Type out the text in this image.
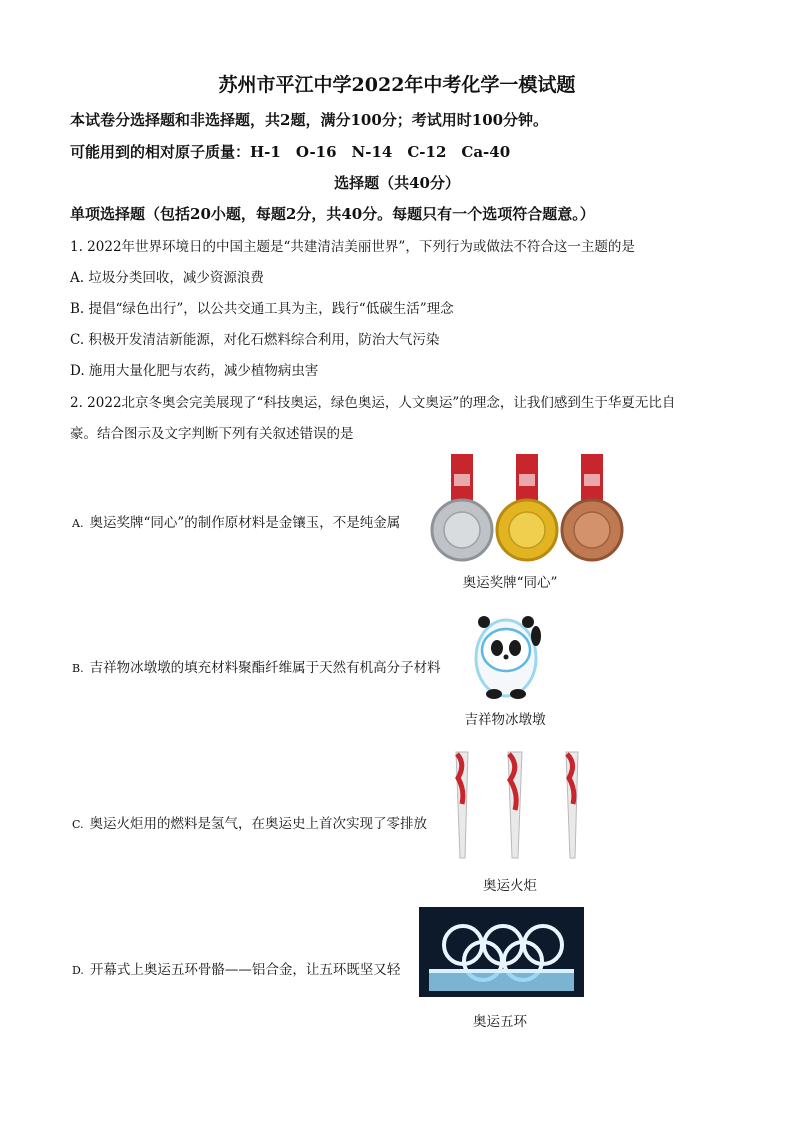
苏州市平江中学2022年中考化学一模试题
本试卷分选择题和非选择题，共2题，满分100分；考试用时100分钟。
可能用到的相对原子质量：H-1　O-16　N-14　C-12　Ca-40
选择题（共40分）
单项选择题（包括20小题，每题2分，共40分。每题只有一个选项符合题意。）
1. 2022年世界环境日的中国主题是“共建清洁美丽世界”，下列行为或做法不符合这一主题的是
A. 垃圾分类回收，减少资源浪费
B. 提倡“绿色出行”，以公共交通工具为主，践行“低碳生活”理念
C. 积极开发清洁新能源，对化石燃料综合利用，防治大气污染
D. 施用大量化肥与农药，减少植物病虫害
2. 2022北京冬奥会完美展现了“科技奥运，绿色奥运，人文奥运”的理念，让我们感到生于华夏无比自
豪。结合图示及文字判断下列有关叙述错误的是
A. 奥运奖牌“同心”的制作原材料是金镶玉，不是纯金属
奥运奖牌“同心”
B. 吉祥物冰墩墩的填充材料聚酯纤维属于天然有机高分子材料
吉祥物冰墩墩
C. 奥运火炬用的燃料是氢气，在奥运史上首次实现了零排放
奥运火炬
D. 开幕式上奥运五环骨骼——铝合金，让五环既坚又轻
奥运五环
